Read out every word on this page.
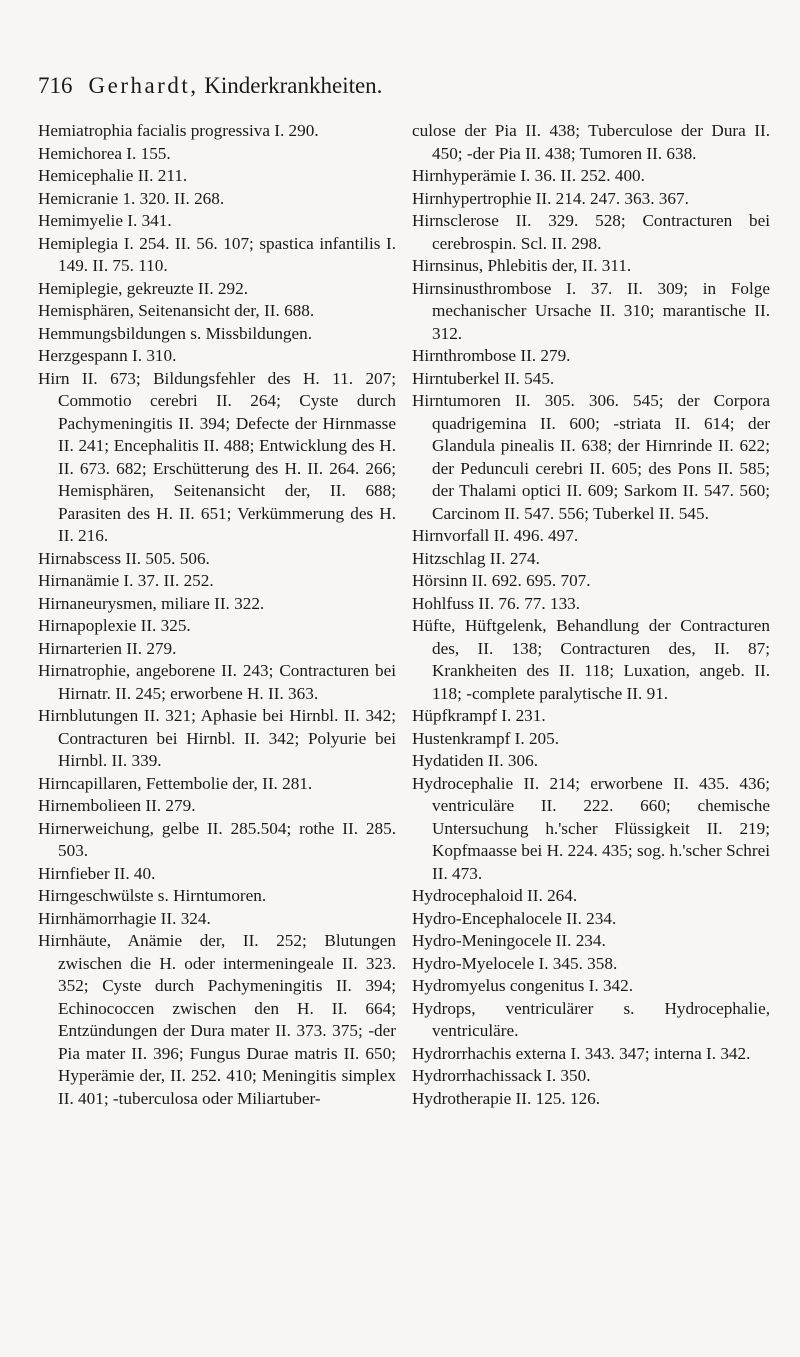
716 Gerhardt, Kinderkrankheiten.
Hemiatrophia facialis progressiva I. 290.
Hemichorea I. 155.
Hemicephalie II. 211.
Hemicranie 1. 320. II. 268.
Hemimyelie I. 341.
Hemiplegia I. 254. II. 56. 107; spastica infantilis I. 149. II. 75. 110.
Hemiplegie, gekreuzte II. 292.
Hemisphären, Seitenansicht der, II. 688.
Hemmungsbildungen s. Missbildungen.
Herzgespann I. 310.
Hirn II. 673; Bildungsfehler des H. 11. 207; Commotio cerebri II. 264; Cyste durch Pachymeningitis II. 394; Defecte der Hirnmasse II. 241; Encephalitis II. 488; Entwicklung des H. II. 673. 682; Erschütterung des H. II. 264. 266; Hemisphären, Seitenansicht der, II. 688; Parasiten des H. II. 651; Verkümmerung des H. II. 216.
Hirnabscess II. 505. 506.
Hirnanämie I. 37. II. 252.
Hirnaneurysmen, miliare II. 322.
Hirnapoplexie II. 325.
Hirnarterien II. 279.
Hirnatrophie, angeborene II. 243; Contracturen bei Hirnatr. II. 245; erworbene H. II. 363.
Hirnblutungen II. 321; Aphasie bei Hirnbl. II. 342; Contracturen bei Hirnbl. II. 342; Polyurie bei Hirnbl. II. 339.
Hirncapillaren, Fettembolie der, II. 281.
Hirnembolieen II. 279.
Hirnerweichung, gelbe II. 285.504; rothe II. 285. 503.
Hirnfieber II. 40.
Hirngeschwülste s. Hirntumoren.
Hirnhämorrhagie II. 324.
Hirnhäute, Anämie der, II. 252; Blutungen zwischen die H. oder intermeningeale II. 323. 352; Cyste durch Pachymeningitis II. 394; Echinococcen zwischen den H. II. 664; Entzündungen der Dura mater II. 373. 375; -der Pia mater II. 396; Fungus Durae matris II. 650; Hyperämie der, II. 252. 410; Meningitis simplex II. 401; -tuberculosa oder Miliartuber-
culose der Pia II. 438; Tuberculose der Dura II. 450; -der Pia II. 438; Tumoren II. 638.
Hirnhyperämie I. 36. II. 252. 400.
Hirnhypertrophie II. 214. 247. 363. 367.
Hirnsclerose II. 329. 528; Contracturen bei cerebrospin. Scl. II. 298.
Hirnsinus, Phlebitis der, II. 311.
Hirnsinusthrombose I. 37. II. 309; in Folge mechanischer Ursache II. 310; marantische II. 312.
Hirnthrombose II. 279.
Hirntuberkel II. 545.
Hirntumoren II. 305. 306. 545; der Corpora quadrigemina II. 600; -striata II. 614; der Glandula pinealis II. 638; der Hirnrinde II. 622; der Pedunculi cerebri II. 605; des Pons II. 585; der Thalami optici II. 609; Sarkom II. 547. 560; Carcinom II. 547. 556; Tuberkel II. 545.
Hirnvorfall II. 496. 497.
Hitzschlag II. 274.
Hörsinn II. 692. 695. 707.
Hohlfuss II. 76. 77. 133.
Hüfte, Hüftgelenk, Behandlung der Contracturen des, II. 138; Contracturen des, II. 87; Krankheiten des II. 118; Luxation, angeb. II. 118; -complete paralytische II. 91.
Hüpfkrampf I. 231.
Hustenkrampf I. 205.
Hydatiden II. 306.
Hydrocephalie II. 214; erworbene II. 435. 436; ventriculäre II. 222. 660; chemische Untersuchung h.'scher Flüssigkeit II. 219; Kopfmaasse bei H. 224. 435; sog. h.'scher Schrei II. 473.
Hydrocephaloid II. 264.
Hydro-Encephalocele II. 234.
Hydro-Meningocele II. 234.
Hydro-Myelocele I. 345. 358.
Hydromyelus congenitus I. 342.
Hydrops, ventriculärer s. Hydrocephalie, ventriculäre.
Hydrorrhachis externa I. 343. 347; interna I. 342.
Hydrorrhachissack I. 350.
Hydrotherapie II. 125. 126.
